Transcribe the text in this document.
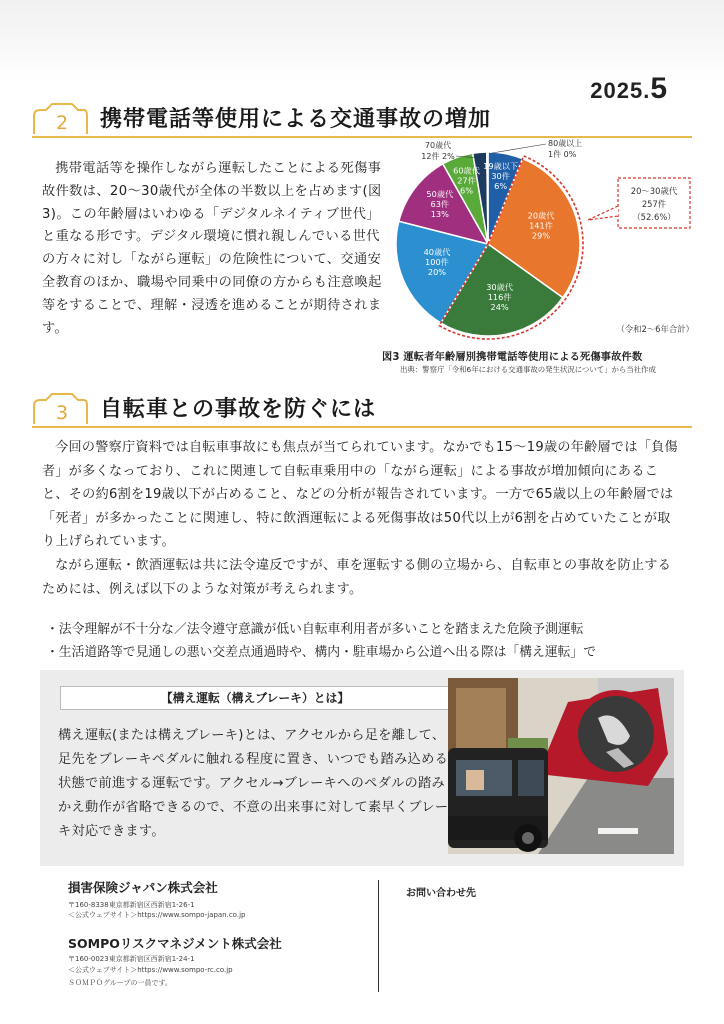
2025.5
2 携帯電話等使用による交通事故の増加
携帯電話等を操作しながら運転したことによる死傷事故件数は、20～30歳代が全体の半数以上を占めます(図3)。この年齢層はいわゆる「デジタルネイティブ世代」と重なる形です。デジタル環境に慣れ親しんでいる世代の方々に対し「ながら運転」の危険性について、交通安全教育のほか、職場や同乗中の同僚の方からも注意喚起等をすることで、理解・浸透を進めることが期待されます。
19歳以下
30件
6%
20歳代
141件
29%
30歳代
116件
24%
40歳代
100件
20%
50歳代
63件
13%
60歳代
27件
6%
70歳代
12件 2%
80歳以上
1件 0%
20～30歳代
257件
（52.6%）
（令和2～6年合計）
図3 運転者年齢層別携帯電話等使用による死傷事故件数
出典：警察庁「令和6年における交通事故の発生状況について」から当社作成
3 自転車との事故を防ぐには
今回の警察庁資料では自転車事故にも焦点が当てられています。なかでも15～19歳の年齢層では「負傷者」が多くなっており、これに関連して自転車乗用中の「ながら運転」による事故が増加傾向にあること、その約6割を19歳以下が占めること、などの分析が報告されています。一方で65歳以上の年齢層では「死者」が多かったことに関連し、特に飲酒運転による死傷事故は50代以上が6割を占めていたことが取り上げられています。
ながら運転・飲酒運転は共に法令違反ですが、車を運転する側の立場から、自転車との事故を防止するためには、例えば以下のような対策が考えられます。
・法令理解が不十分な／法令遵守意識が低い自転車利用者が多いことを踏まえた危険予測運転
・生活道路等で見通しの悪い交差点通過時や、構内・駐車場から公道へ出る際は「構え運転」で
【構え運転（構えブレーキ）とは】
構え運転(または構えブレーキ)とは、アクセルから足を離して、足先をブレーキペダルに触れる程度に置き、いつでも踏み込める状態で前進する運転です。アクセル→ブレーキへのペダルの踏みかえ動作が省略できるので、不意の出来事に対して素早くブレーキ対応できます。
損害保険ジャパン株式会社
〒160-8338東京都新宿区西新宿1-26-1
＜公式ウェブサイト＞https://www.sompo-japan.co.jp
SOMPOリスクマネジメント株式会社
〒160-0023東京都新宿区西新宿1-24-1
＜公式ウェブサイト＞https://www.sompo-rc.co.jp
ＳＯＭＰＯグループの一員です。
お問い合わせ先
